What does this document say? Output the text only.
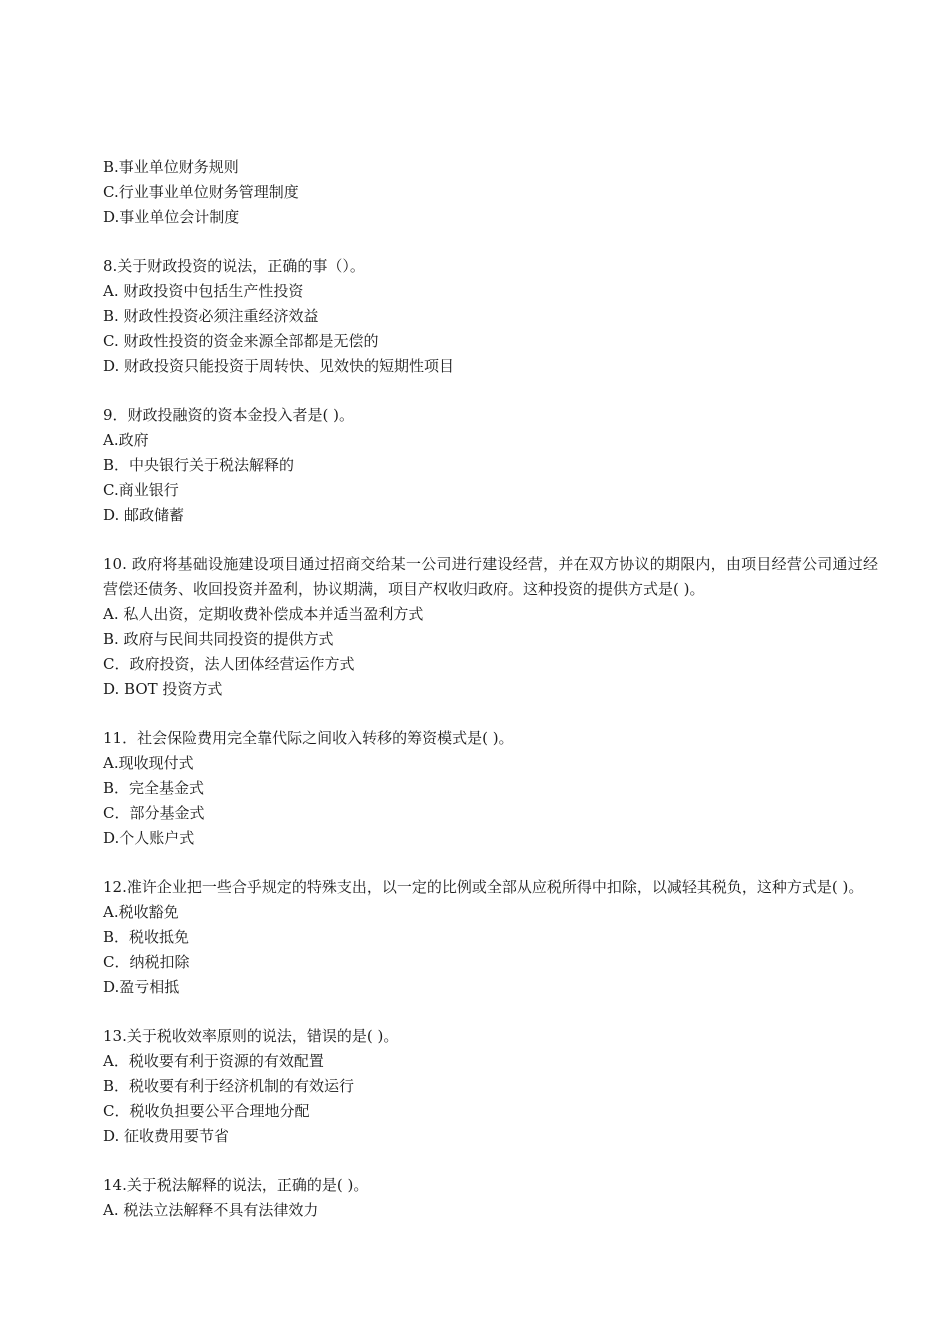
B.事业单位财务规则
C.行业事业单位财务管理制度
D.事业单位会计制度
8.关于财政投资的说法，正确的事（）。
A. 财政投资中包括生产性投资
B. 财政性投资必须注重经济效益
C. 财政性投资的资金来源全部都是无偿的
D. 财政投资只能投资于周转快、见效快的短期性项目
9．财政投融资的资本金投入者是( )。
A.政府
B．中央银行关于税法解释的
C.商业银行
D. 邮政储蓄
10. 政府将基础设施建设项目通过招商交给某一公司进行建设经营，并在双方协议的期限内，由项目经营公司通过经营偿还债务、收回投资并盈利，协议期满，项目产权收归政府。这种投资的提供方式是( )。
A. 私人出资，定期收费补偿成本并适当盈利方式
B. 政府与民间共同投资的提供方式
C．政府投资，法人团体经营运作方式
D. BOT 投资方式
11．社会保险费用完全靠代际之间收入转移的筹资模式是( )。
A.现收现付式
B．完全基金式
C．部分基金式
D.个人账户式
12.准许企业把一些合乎规定的特殊支出，以一定的比例或全部从应税所得中扣除，以减轻其税负，这种方式是( )。
A.税收豁免
B．税收抵免
C．纳税扣除
D.盈亏相抵
13.关于税收效率原则的说法，错误的是( )。
A．税收要有利于资源的有效配置
B．税收要有利于经济机制的有效运行
C．税收负担要公平合理地分配
D. 征收费用要节省
14.关于税法解释的说法，正确的是( )。
A. 税法立法解释不具有法律效力
